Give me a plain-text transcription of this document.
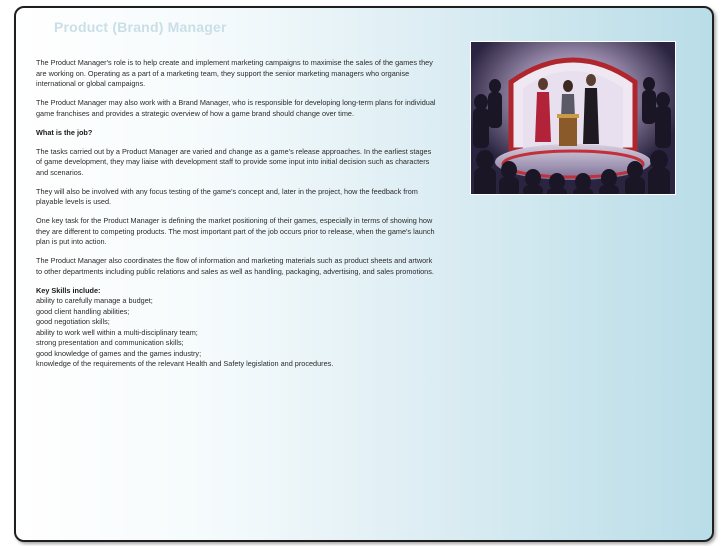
Product (Brand) Manager

The Product Manager's role is to help create and implement marketing campaigns to maximise the sales of the games they are working on. Operating as a part of a marketing team, they support the senior marketing managers who organise international or global campaigns.

The Product Manager may also work with a Brand Manager, who is responsible for developing long-term plans for individual game franchises and provides a strategic overview of how a game brand should change over time.

What is the job?

The tasks carried out by a Product Manager are varied and change as a game's release approaches. In the earliest stages of game development, they may liaise with development staff to provide some input into initial decision such as characters and scenarios.

They will also be involved with any focus testing of the game's concept and, later in the project, how the feedback from playable levels is used.

One key task for the Product Manager is defining the market positioning of their games, especially in terms of showing how they are different to competing products. The most important part of the job occurs prior to release, when the game's launch plan is put into action.

The Product Manager also coordinates the flow of information and marketing materials such as product sheets and artwork to other departments including public relations and sales as well as handling, packaging, advertising, and sales promotions.

Key Skills include:

ability to carefully manage a budget;
good client handling abilities;
good negotiation skills;
ability to work well within a multi-disciplinary team;
strong presentation and communication skills;
good knowledge of games and the games industry;
knowledge of the requirements of the relevant Health and Safety legislation and procedures.
